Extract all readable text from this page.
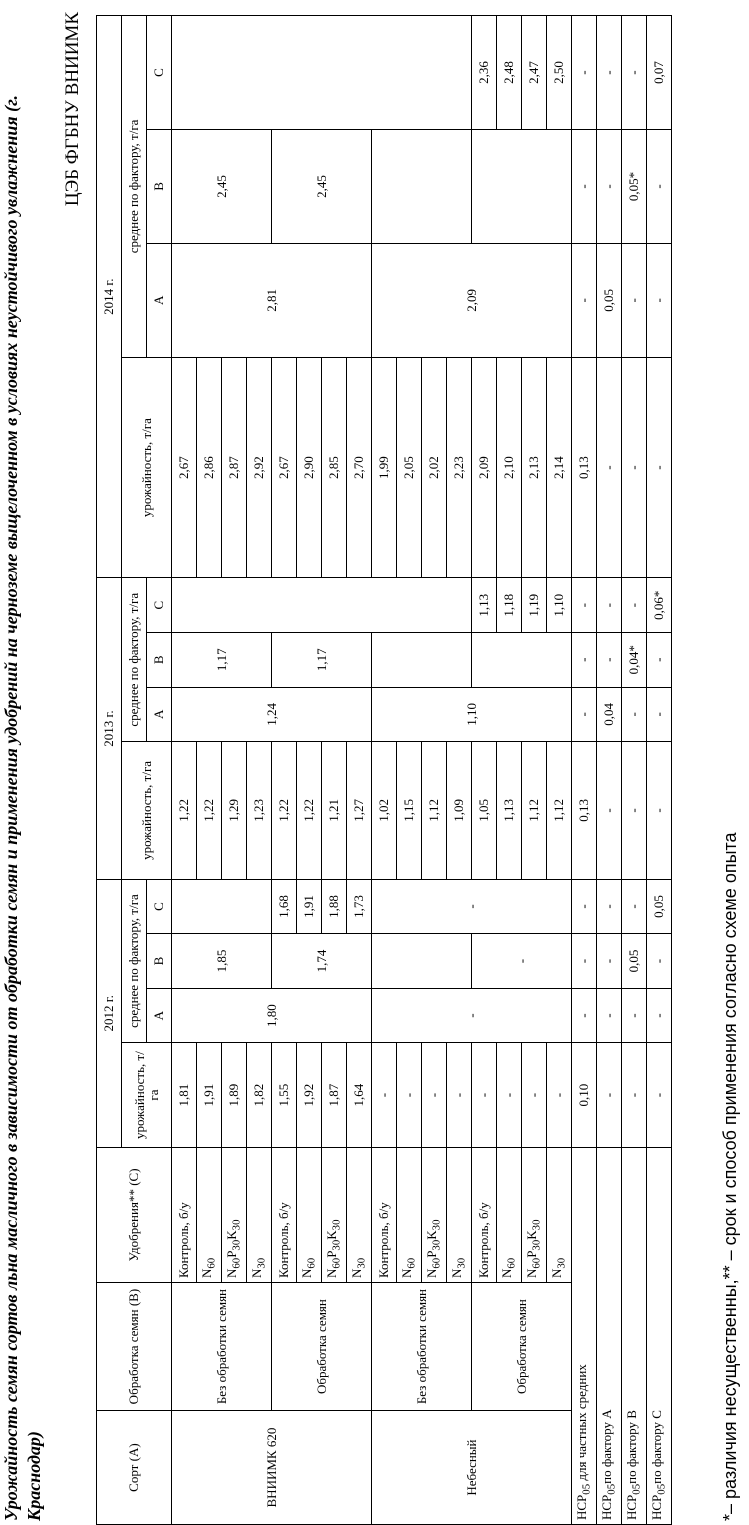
Урожайность семян сортов льна масличного в зависимости от обработки семян и применения удобрений на черноземе выщелоченном в условиях неустойчивого увлажнения (г. Краснодар)
ЦЭБ ФГБНУ ВНИИМК
Сорт (А)	Обработка семян (В)	Удобрения** (С)	2012 г.				2013 г.				2014 г.			
			урожайность, т/га	среднее по фактору, т/га			урожайность, т/га	среднее по фактору, т/га			урожайность, т/га	среднее по фактору, т/га		
				А	В	С		А	В	С		А	В	С
ВНИИМК 620	Без обработки семян	Контроль, б/у	1,81	1,80	1,85		1,22	1,24	1,17		2,67	2,81	2,45	
		$N_{60}$	1,91				1,22				2,86			
		$N_{60}P_{30}K_{30}$	1,89				1,29				2,87			
		$N_{30}$	1,82				1,23				2,92			
	Обработка семян	Контроль, б/у	1,55		1,74	1,68	1,22		1,17		2,67		2,45	
		$N_{60}$	1,92			1,91	1,22				2,90			
		$N_{60}P_{30}K_{30}$	1,87			1,88	1,21				2,85			
		$N_{30}$	1,64			1,73	1,27				2,70			
Небесный	Без обработки семян	Контроль, б/у	-	-		-	1,02	1,10			1,99	2,09		
		$N_{60}$	-				1,15				2,05			
		$N_{60}P_{30}K_{30}$	-				1,12				2,02			
		$N_{30}$	-				1,09				2,23			
	Обработка семян	Контроль, б/у	-		-		1,05			1,13	2,09			2,36
		$N_{60}$	-				1,13			1,18	2,10			2,48
		$N_{60}P_{30}K_{30}$	-				1,12			1,19	2,13			2,47
		$N_{30}$	-				1,12			1,10	2,14			2,50
$НСР_{05}$ для частных средних			0,10	-	-	-	0,13	-	-	-	0,13	-	-	-
$НСР_{05}по$ фактору А			-	-	-	-	-	0,04	-	-	-	0,05	-	-
$НСР_{05}по$ фактору В			-	-	0,05	-	-	-	0,04*	-	-	-	0,05*	-
$НСР_{05}по$ фактору С			-	-	-	0,05	-	-	-	0,06*	-	-	-	0,07
*– различия несущественны,** – срок и способ применения согласно схеме опыта
